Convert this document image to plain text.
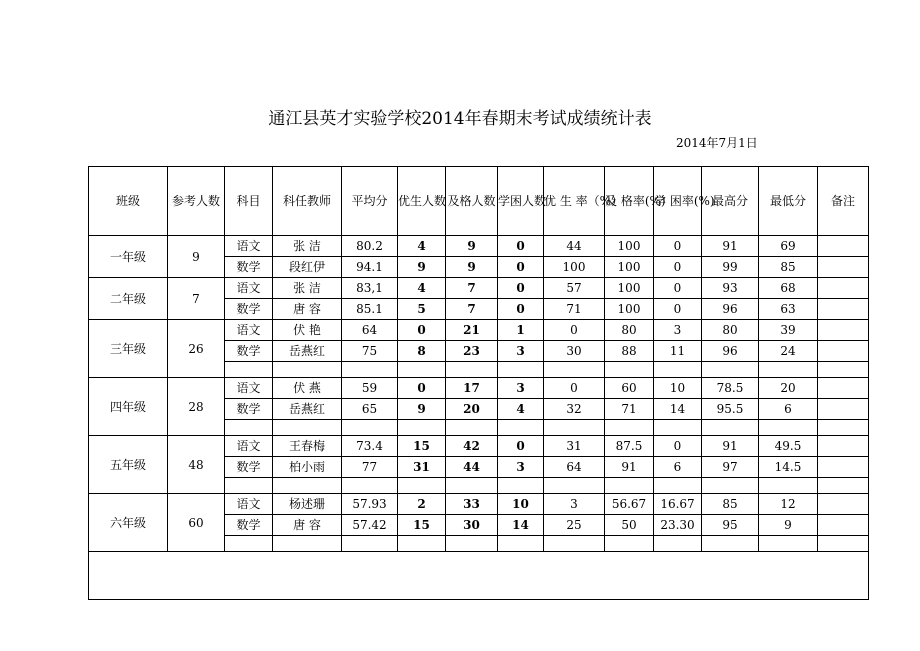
通江县英才实验学校2014年春期末考试成绩统计表
2014年7月1日
班级	参考人数	科目	科任教师	平均分	优生人数	及格人数	学困人数	优 生 率（%）	及 格率(%)	学 困率(%)	最高分	最低分	备注
一年级	9	语文	张 洁	80.2	4	9	0	44	100	0	91	69	
		数学	段红伊	94.1	9	9	0	100	100	0	99	85	
二年级	7	语文	张 洁	83,1	4	7	0	57	100	0	93	68	
		数学	唐 容	85.1	5	7	0	71	100	0	96	63	
三年级	26	语文	伏 艳	64	0	21	1	0	80	3	80	39	
		数学	岳燕红	75	8	23	3	30	88	11	96	24	

四年级	28	语文	伏 燕	59	0	17	3	0	60	10	78.5	20	
		数学	岳燕红	65	9	20	4	32	71	14	95.5	6	

五年级	48	语文	王春梅	73.4	15	42	0	31	87.5	0	91	49.5	
		数学	柏小雨	77	31	44	3	64	91	6	97	14.5	

六年级	60	语文	杨述珊	57.93	2	33	10	3	56.67	16.67	85	12	
		数学	唐 容	57.42	15	30	14	25	50	23.30	95	9	
